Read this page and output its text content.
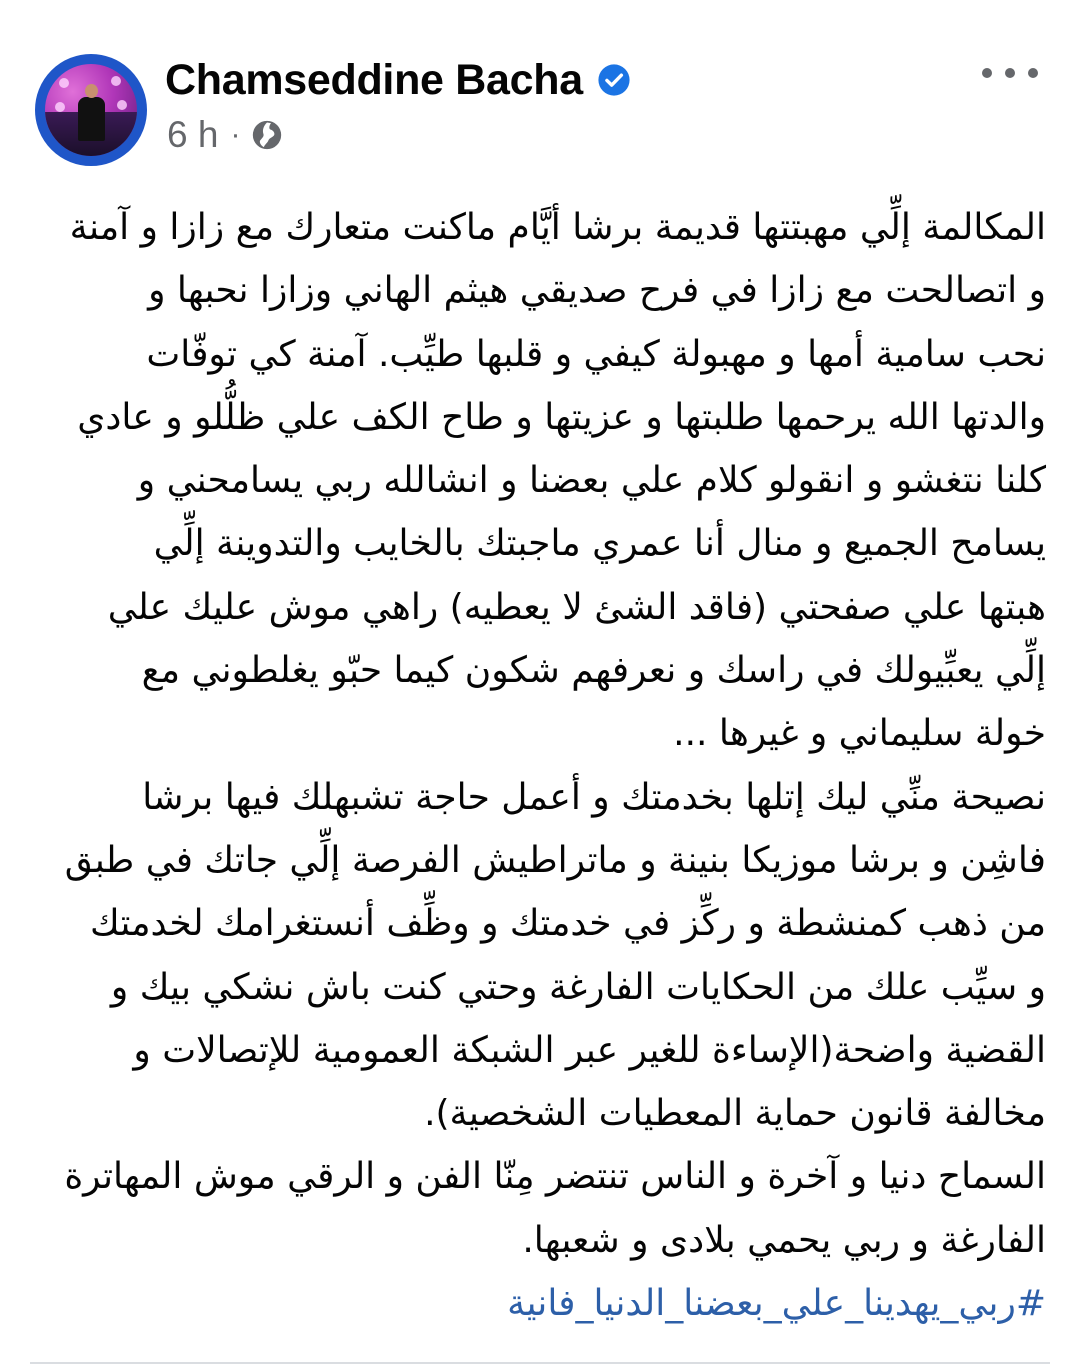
Chamseddine Bacha
6 h ·
المكالمة إلِّي مهبتتها قديمة برشا أيَّام ماكنت متعارك مع زازا و آمنة
و اتصالحت مع زازا في فرح صديقي هيثم الهاني وزازا نحبها و
نحب سامية أمها و مهبولة كيفي و قلبها طيِّب. آمنة كي توفّات
والدتها الله يرحمها طلبتها و عزيتها و طاح الكف علي ظلُّلو و عادي
كلنا نتغشو و انقولو كلام علي بعضنا و انشالله ربي يسامحني و
يسامح الجميع و منال أنا عمري ماجبتك بالخايب والتدوينة إلِّي
هبتها علي صفحتي (فاقد الشئ لا يعطيه) راهي موش عليك علي
إلِّي يعبِّيولك في راسك و نعرفهم شكون كيما حبّو يغلطوني مع
خولة سليماني و غيرها ...
نصيحة منِّي ليك إتلها بخدمتك و أعمل حاجة تشبهلك فيها برشا
فاشِن و برشا موزيكا بنينة و ماتراطيش الفرصة إلِّي جاتك في طبق
من ذهب كمنشطة و ركِّز في خدمتك و وظِّف أنستغرامك لخدمتك
و سيِّب علك من الحكايات الفارغة وحتي كنت باش نشكي بيك و
القضية واضحة(الإساءة للغير عبر الشبكة العمومية للإتصالات و
مخالفة قانون حماية المعطيات الشخصية).
السماح دنيا و آخرة و الناس تنتضر مِنّا الفن و الرقي موش المهاترة
الفارغة و ربي يحمي بلادى و شعبها.
#ربي_يهدينا_علي_بعضنا_الدنيا_فانية
